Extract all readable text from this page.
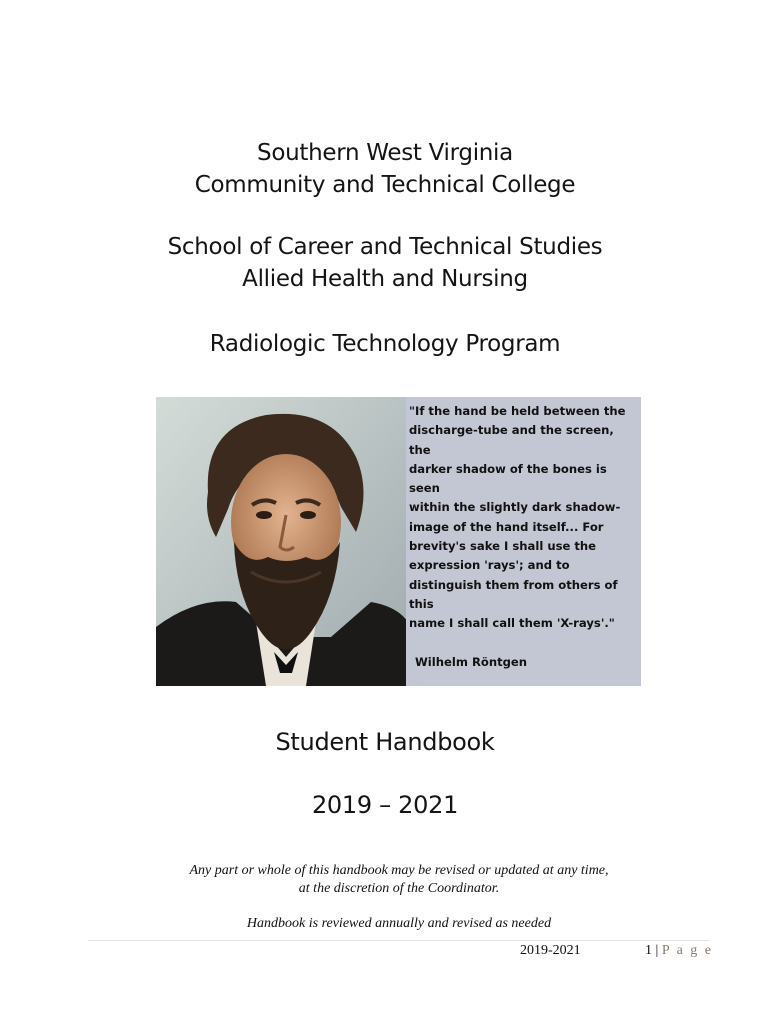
Southern West Virginia
Community and Technical College
School of Career and Technical Studies
Allied Health and Nursing
Radiologic Technology Program
"If the hand be held between the
discharge-tube and the screen, the
darker shadow of the bones is seen
within the slightly dark shadow-
image of the hand itself... For
brevity's sake I shall use the
expression 'rays'; and to
distinguish them from others of this
name I shall call them 'X-rays'."
Wilhelm Röntgen
Student Handbook
2019 – 2021
Any part or whole of this handbook may be revised or updated at any time,
at the discretion of the Coordinator.
Handbook is reviewed annually and revised as needed
2019-2021	1 | P a g e
